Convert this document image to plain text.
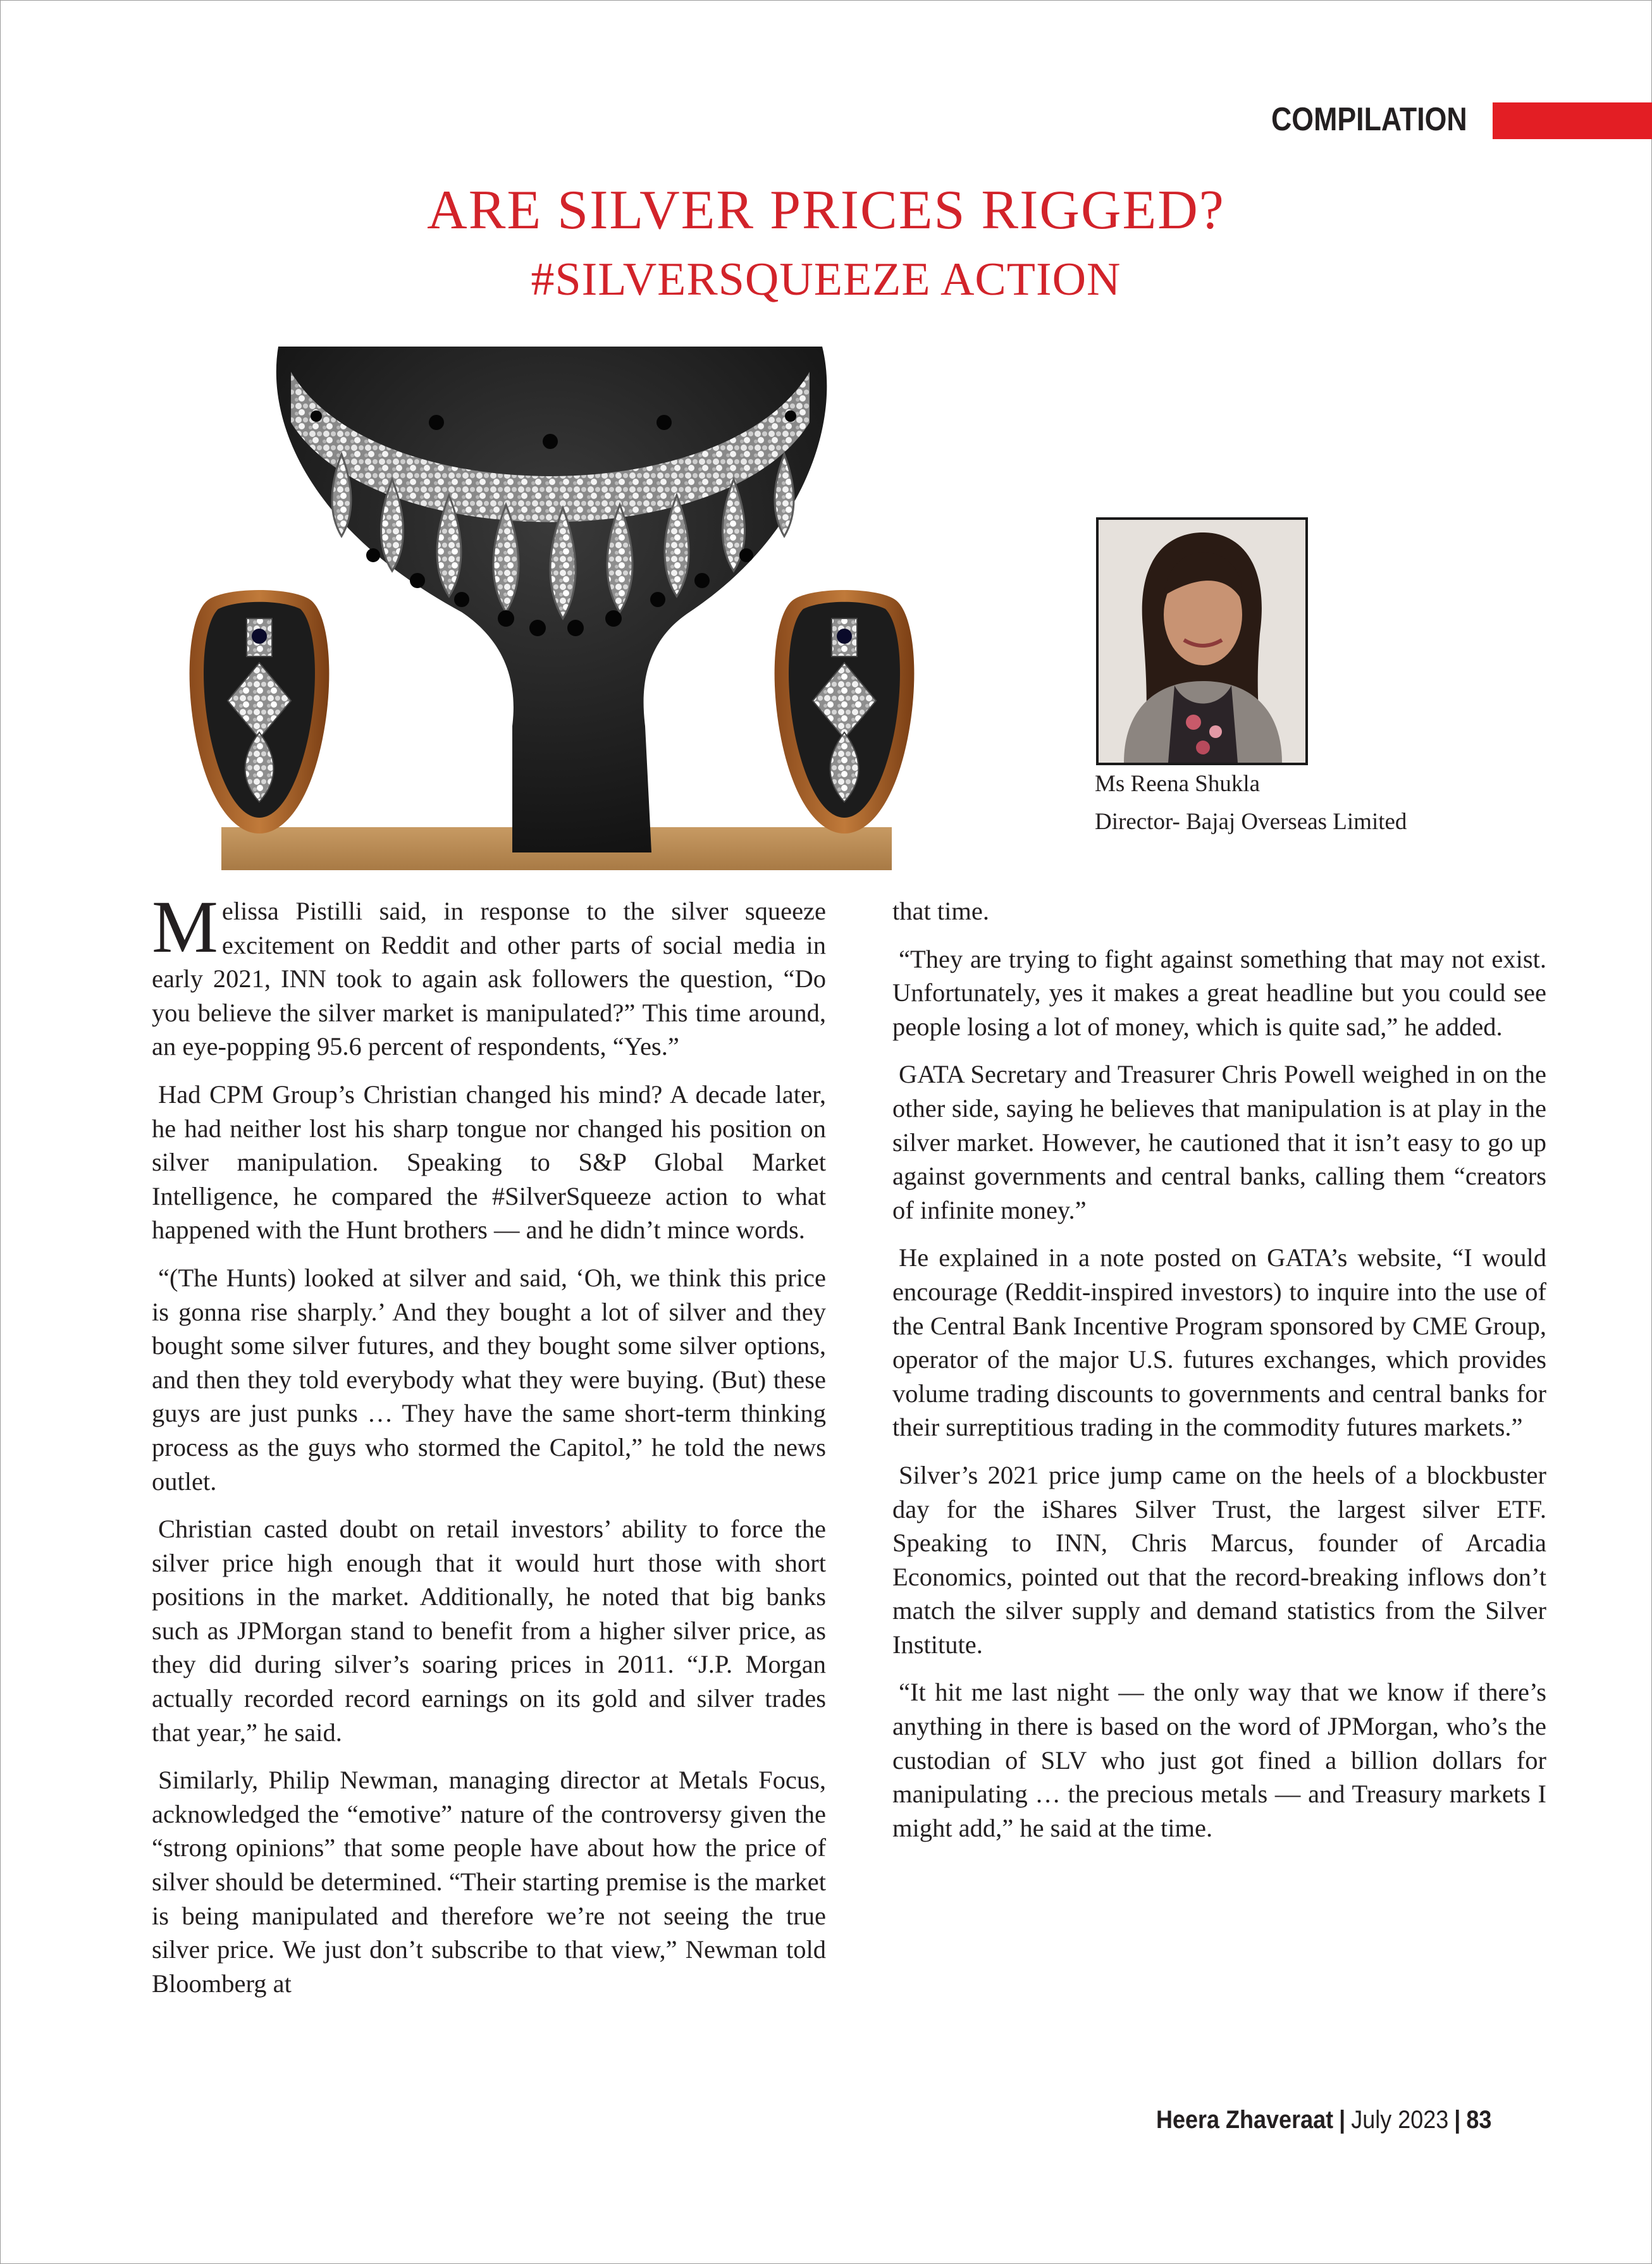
COMPILATION
ARE SILVER PRICES RIGGED?
#SILVERSQUEEZE ACTION
Ms Reena Shukla
Director- Bajaj Overseas Limited

Melissa Pistilli said, in response to the silver squeeze excitement on Reddit and other parts of social media in early 2021, INN took to again ask followers the question, “Do you believe the silver market is manipulated?” This time around, an eye-popping 95.6 percent of respondents, “Yes.”

Had CPM Group’s Christian changed his mind? A decade later, he had neither lost his sharp tongue nor changed his position on silver manipulation. Speaking to S&P Global Market Intelligence, he compared the #SilverSqueeze action to what happened with the Hunt brothers — and he didn’t mince words.

“(The Hunts) looked at silver and said, ‘Oh, we think this price is gonna rise sharply.’ And they bought a lot of silver and they bought some silver futures, and they bought some silver options, and then they told everybody what they were buying. (But) these guys are just punks … They have the same short-term thinking process as the guys who stormed the Capitol,” he told the news outlet.

Christian casted doubt on retail investors’ ability to force the silver price high enough that it would hurt those with short positions in the market. Additionally, he noted that big banks such as JPMorgan stand to benefit from a higher silver price, as they did during silver’s soaring prices in 2011. “J.P. Morgan actually recorded record earnings on its gold and silver trades that year,” he said.

Similarly, Philip Newman, managing director at Metals Focus, acknowledged the “emotive” nature of the controversy given the “strong opinions” that some people have about how the price of silver should be determined. “Their starting premise is the market is being manipulated and therefore we’re not seeing the true silver price. We just don’t subscribe to that view,” Newman told Bloomberg at

that time.

“They are trying to fight against something that may not exist. Unfortunately, yes it makes a great headline but you could see people losing a lot of money, which is quite sad,” he added.

GATA Secretary and Treasurer Chris Powell weighed in on the other side, saying he believes that manipulation is at play in the silver market. However, he cautioned that it isn’t easy to go up against governments and central banks, calling them “creators of infinite money.”

He explained in a note posted on GATA’s website, “I would encourage (Reddit-inspired investors) to inquire into the use of the Central Bank Incentive Program sponsored by CME Group, operator of the major U.S. futures exchanges, which provides volume trading discounts to governments and central banks for their surreptitious trading in the commodity futures markets.”

Silver’s 2021 price jump came on the heels of a blockbuster day for the iShares Silver Trust, the largest silver ETF. Speaking to INN, Chris Marcus, founder of Arcadia Economics, pointed out that the record-breaking inflows don’t match the silver supply and demand statistics from the Silver Institute.

“It hit me last night — the only way that we know if there’s anything in there is based on the word of JPMorgan, who’s the custodian of SLV who just got fined a billion dollars for manipulating … the precious metals — and Treasury markets I might add,” he said at the time.

Heera Zhaveraat | July 2023 | 83
